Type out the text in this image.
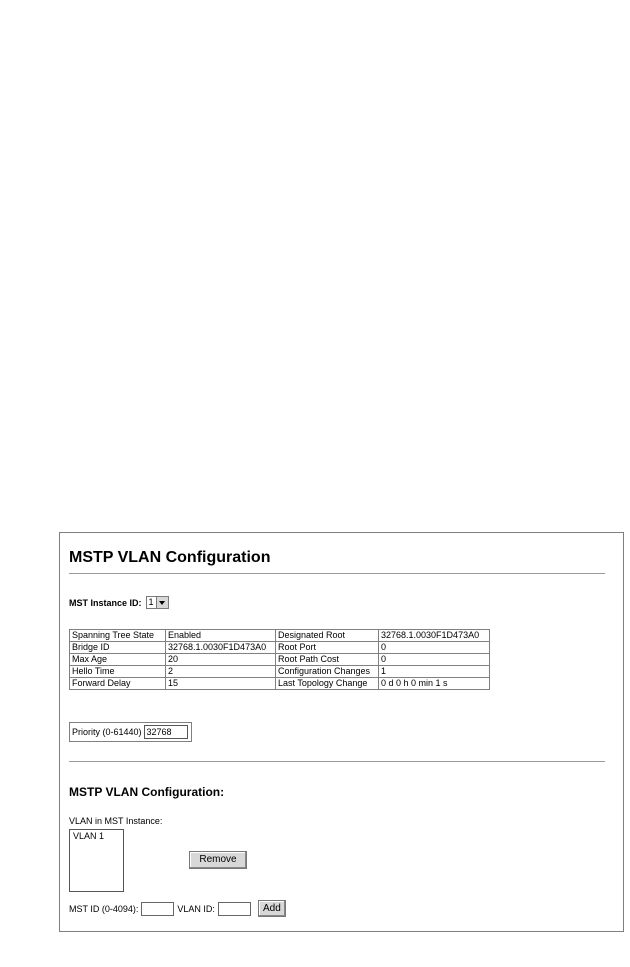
MSTP VLAN Configuration
MST Instance ID: 1
Spanning Tree State	Enabled	Designated Root	32768.1.0030F1D473A0
Bridge ID	32768.1.0030F1D473A0	Root Port	0
Max Age	20	Root Path Cost	0
Hello Time	2	Configuration Changes	1
Forward Delay	15	Last Topology Change	0 d 0 h 0 min 1 s
Priority (0-61440) 32768
MSTP VLAN Configuration:
VLAN in MST Instance:
VLAN 1
Remove
MST ID (0-4094):	VLAN ID:	Add
